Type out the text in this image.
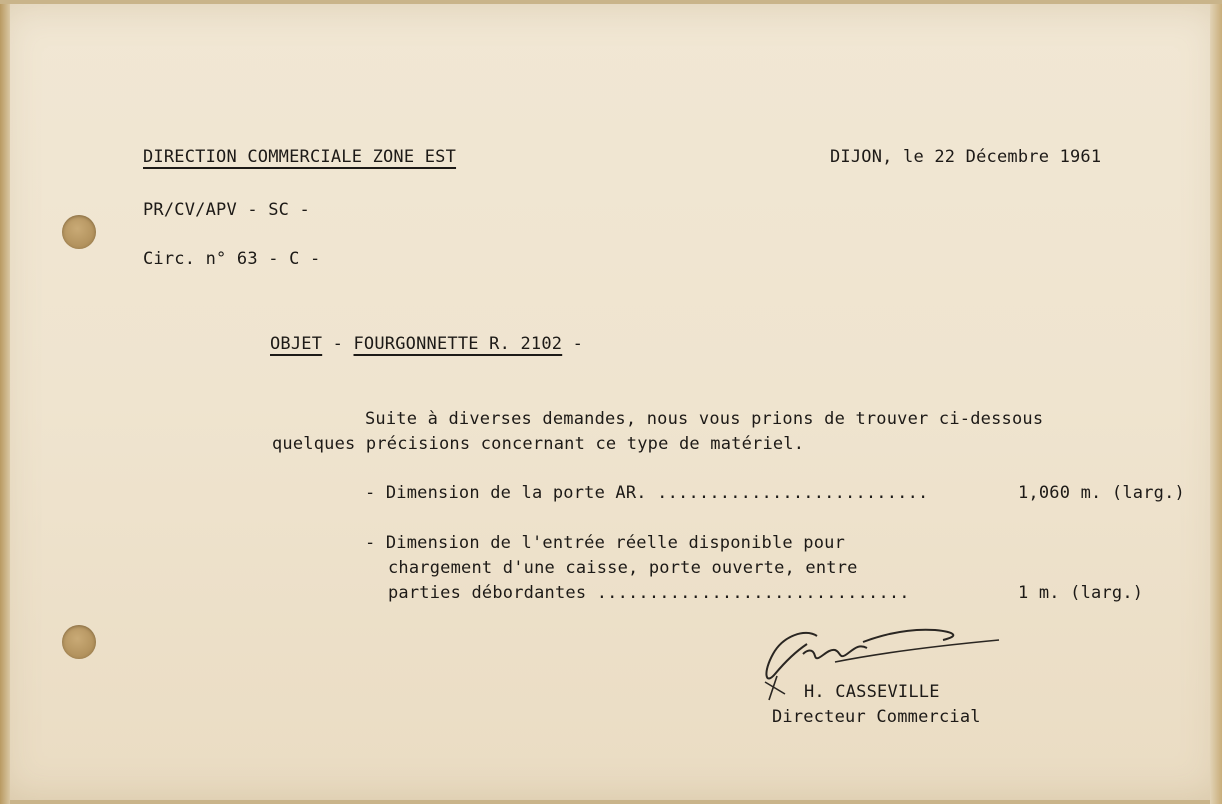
DIRECTION COMMERCIALE ZONE EST	DIJON, le 22 Décembre 1961
PR/CV/APV - SC -
Circ. n° 63 - C -
OBJET - FOURGONNETTE R. 2102 -
Suite à diverses demandes, nous vous prions de trouver ci-dessous
quelques précisions concernant ce type de matériel.
- Dimension de la porte AR. ..........................	1,060 m. (larg.)
- Dimension de l'entrée réelle disponible pour
chargement d'une caisse, porte ouverte, entre
parties débordantes ..............................	1 m. (larg.)
H. CASSEVILLE
Directeur Commercial
